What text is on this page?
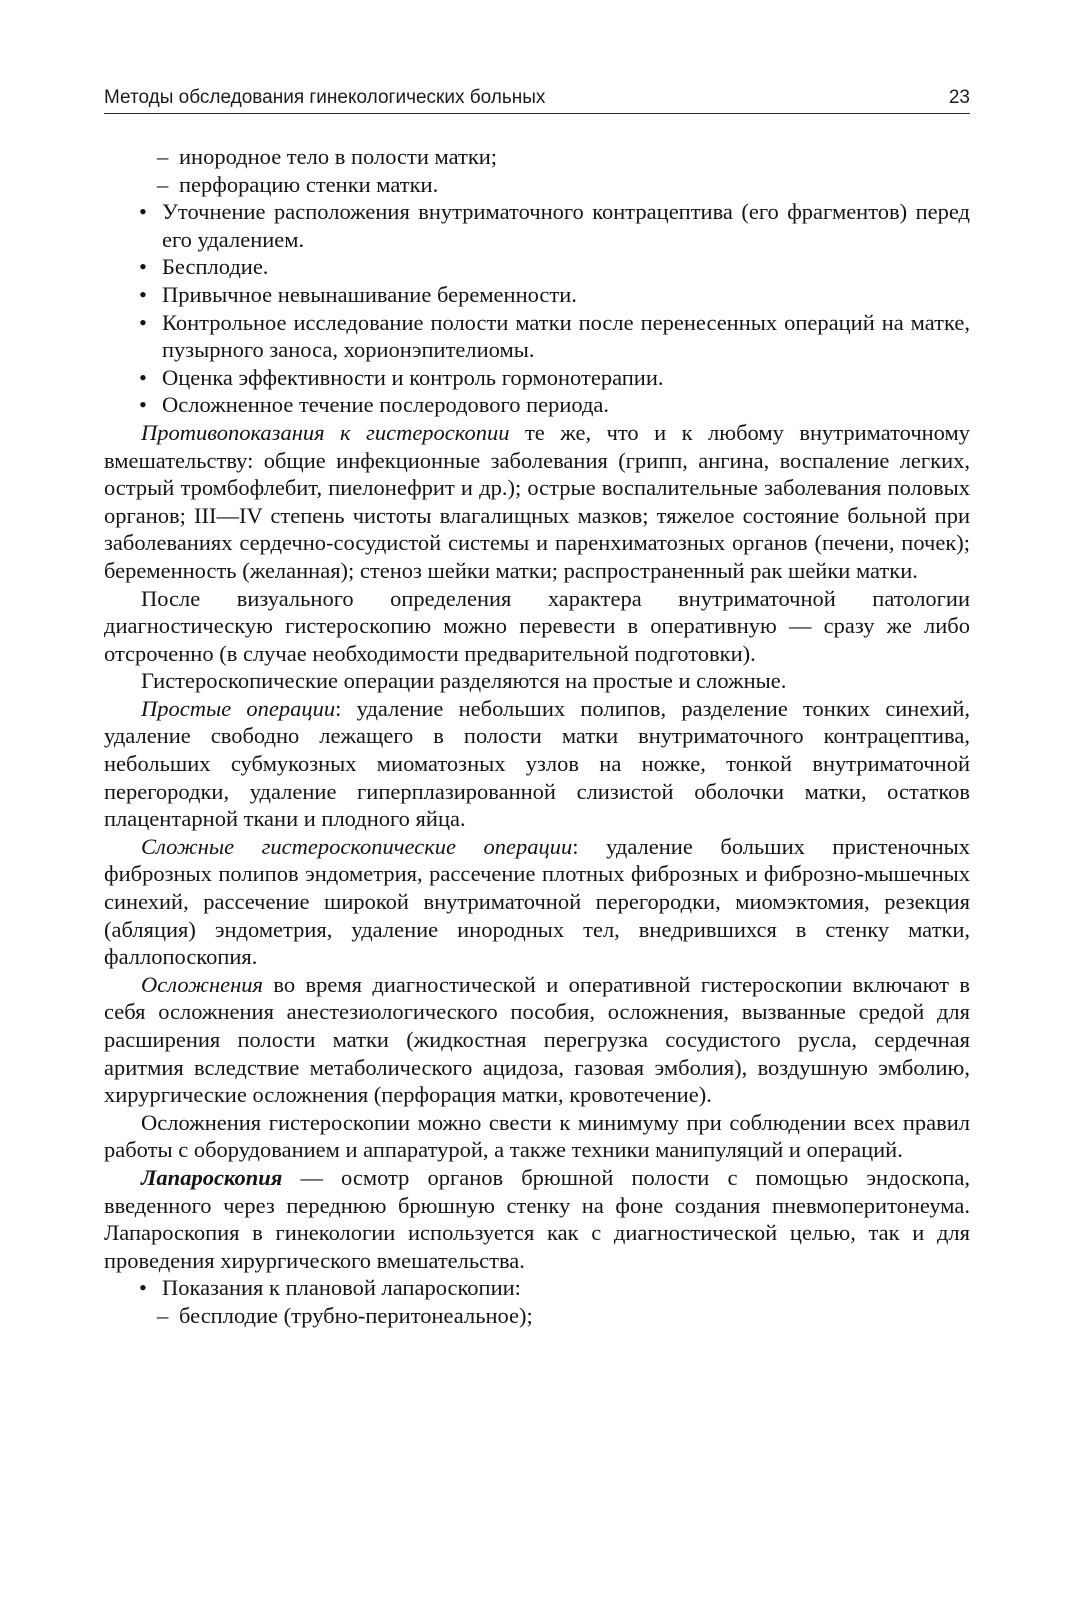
Методы обследования гинекологических больных	23
– инородное тело в полости матки;
– перфорацию стенки матки.
• Уточнение расположения внутриматочного контрацептива (его фрагментов) перед его удалением.
• Бесплодие.
• Привычное невынашивание беременности.
• Контрольное исследование полости матки после перенесенных операций на матке, пузырного заноса, хорионэпителиомы.
• Оценка эффективности и контроль гормонотерапии.
• Осложненное течение послеродового периода.

Противопоказания к гистероскопии те же, что и к любому внутриматочному вмешательству: общие инфекционные заболевания (грипп, ангина, воспаление легких, острый тромбофлебит, пиелонефрит и др.); острые воспалительные заболевания половых органов; III—IV степень чистоты влагалищных мазков; тяжелое состояние больной при заболеваниях сердечно-сосудистой системы и паренхиматозных органов (печени, почек); беременность (желанная); стеноз шейки матки; распространенный рак шейки матки.

После визуального определения характера внутриматочной патологии диагностическую гистероскопию можно перевести в оперативную — сразу же либо отсроченно (в случае необходимости предварительной подготовки).

Гистероскопические операции разделяются на простые и сложные.

Простые операции: удаление небольших полипов, разделение тонких синехий, удаление свободно лежащего в полости матки внутриматочного контрацептива, небольших субмукозных миоматозных узлов на ножке, тонкой внутриматочной перегородки, удаление гиперплазированной слизистой оболочки матки, остатков плацентарной ткани и плодного яйца.

Сложные гистероскопические операции: удаление больших пристеночных фиброзных полипов эндометрия, рассечение плотных фиброзных и фиброзно-мышечных синехий, рассечение широкой внутриматочной перегородки, миомэктомия, резекция (абляция) эндометрия, удаление инородных тел, внедрившихся в стенку матки, фаллопоскопия.

Осложнения во время диагностической и оперативной гистероскопии включают в себя осложнения анестезиологического пособия, осложнения, вызванные средой для расширения полости матки (жидкостная перегрузка сосудистого русла, сердечная аритмия вследствие метаболического ацидоза, газовая эмболия), воздушную эмболию, хирургические осложнения (перфорация матки, кровотечение).

Осложнения гистероскопии можно свести к минимуму при соблюдении всех правил работы с оборудованием и аппаратурой, а также техники манипуляций и операций.

Лапароскопия — осмотр органов брюшной полости с помощью эндоскопа, введенного через переднюю брюшную стенку на фоне создания пневмоперитонеума. Лапароскопия в гинекологии используется как с диагностической целью, так и для проведения хирургического вмешательства.

• Показания к плановой лапароскопии:
– бесплодие (трубно-перитонеальное);
